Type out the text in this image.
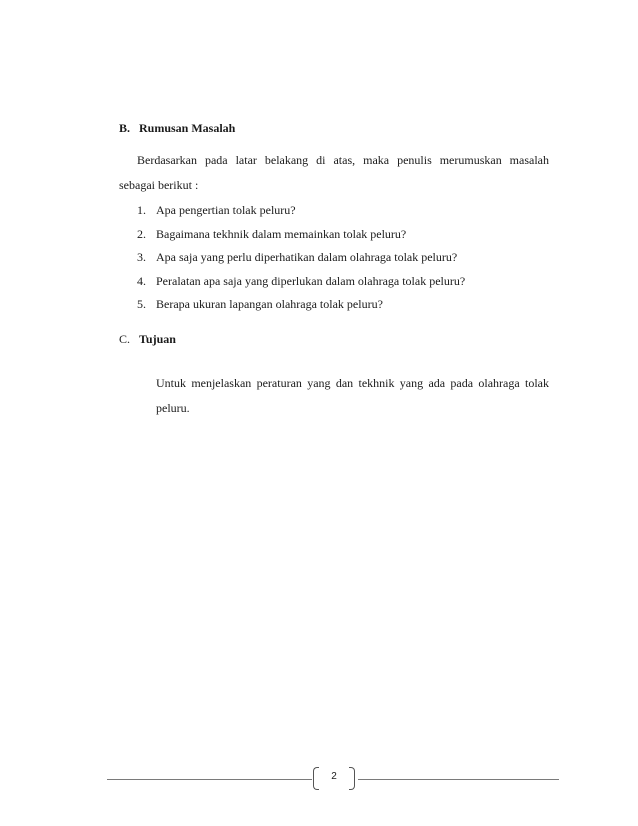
B. Rumusan Masalah
Berdasarkan pada latar belakang di atas, maka penulis merumuskan masalah
sebagai berikut :
1. Apa pengertian tolak peluru?
2. Bagaimana tekhnik dalam memainkan tolak peluru?
3. Apa saja yang perlu diperhatikan dalam olahraga tolak peluru?
4. Peralatan apa saja yang diperlukan dalam olahraga tolak peluru?
5. Berapa ukuran lapangan olahraga tolak peluru?
C. Tujuan
Untuk menjelaskan peraturan yang dan tekhnik yang ada pada olahraga tolak
peluru.
2
